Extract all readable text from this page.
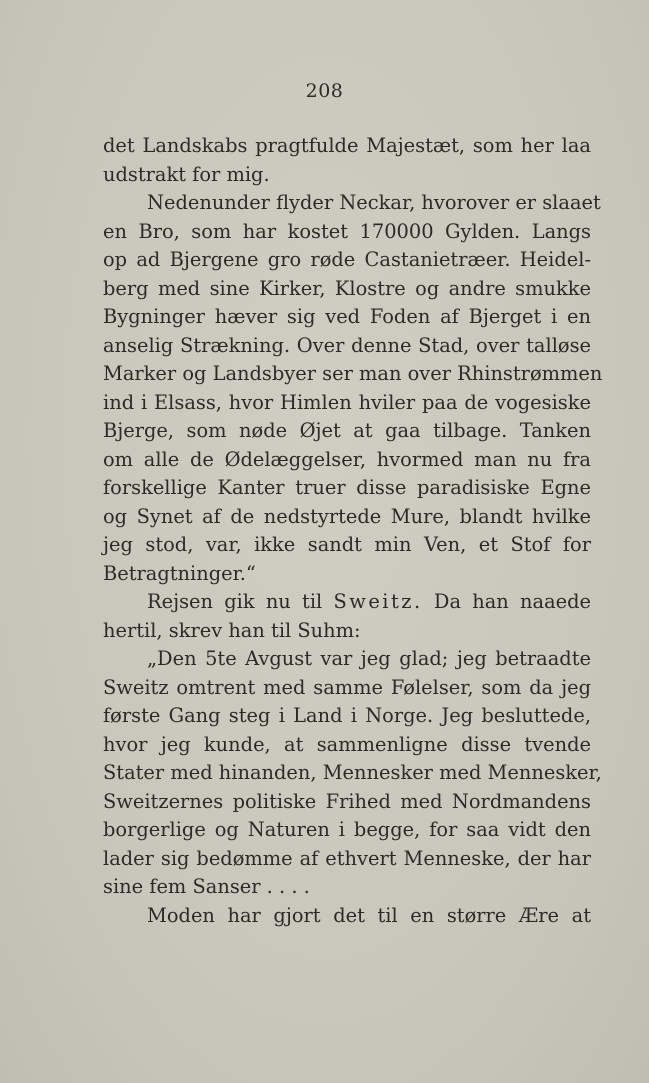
208
det Landskabs pragtfulde Majestæt, som her laa
udstrakt for mig.
Nedenunder flyder Neckar, hvorover er slaaet
en Bro, som har kostet 170000 Gylden. Langs
op ad Bjergene gro røde Castanietræer. Heidel-
berg med sine Kirker, Klostre og andre smukke
Bygninger hæver sig ved Foden af Bjerget i en
anselig Strækning. Over denne Stad, over talløse
Marker og Landsbyer ser man over Rhinstrømmen
ind i Elsass, hvor Himlen hviler paa de vogesiske
Bjerge, som nøde Øjet at gaa tilbage. Tanken
om alle de Ødelæggelser, hvormed man nu fra
forskellige Kanter truer disse paradisiske Egne
og Synet af de nedstyrtede Mure, blandt hvilke
jeg stod, var, ikke sandt min Ven, et Stof for
Betragtninger.“
Rejsen gik nu til Sweitz. Da han naaede
hertil, skrev han til Suhm:
„Den 5te Avgust var jeg glad; jeg betraadte
Sweitz omtrent med samme Følelser, som da jeg
første Gang steg i Land i Norge. Jeg besluttede,
hvor jeg kunde, at sammenligne disse tvende
Stater med hinanden, Mennesker med Mennesker,
Sweitzernes politiske Frihed med Nordmandens
borgerlige og Naturen i begge, for saa vidt den
lader sig bedømme af ethvert Menneske, der har
sine fem Sanser . . . .
Moden har gjort det til en større Ære at
